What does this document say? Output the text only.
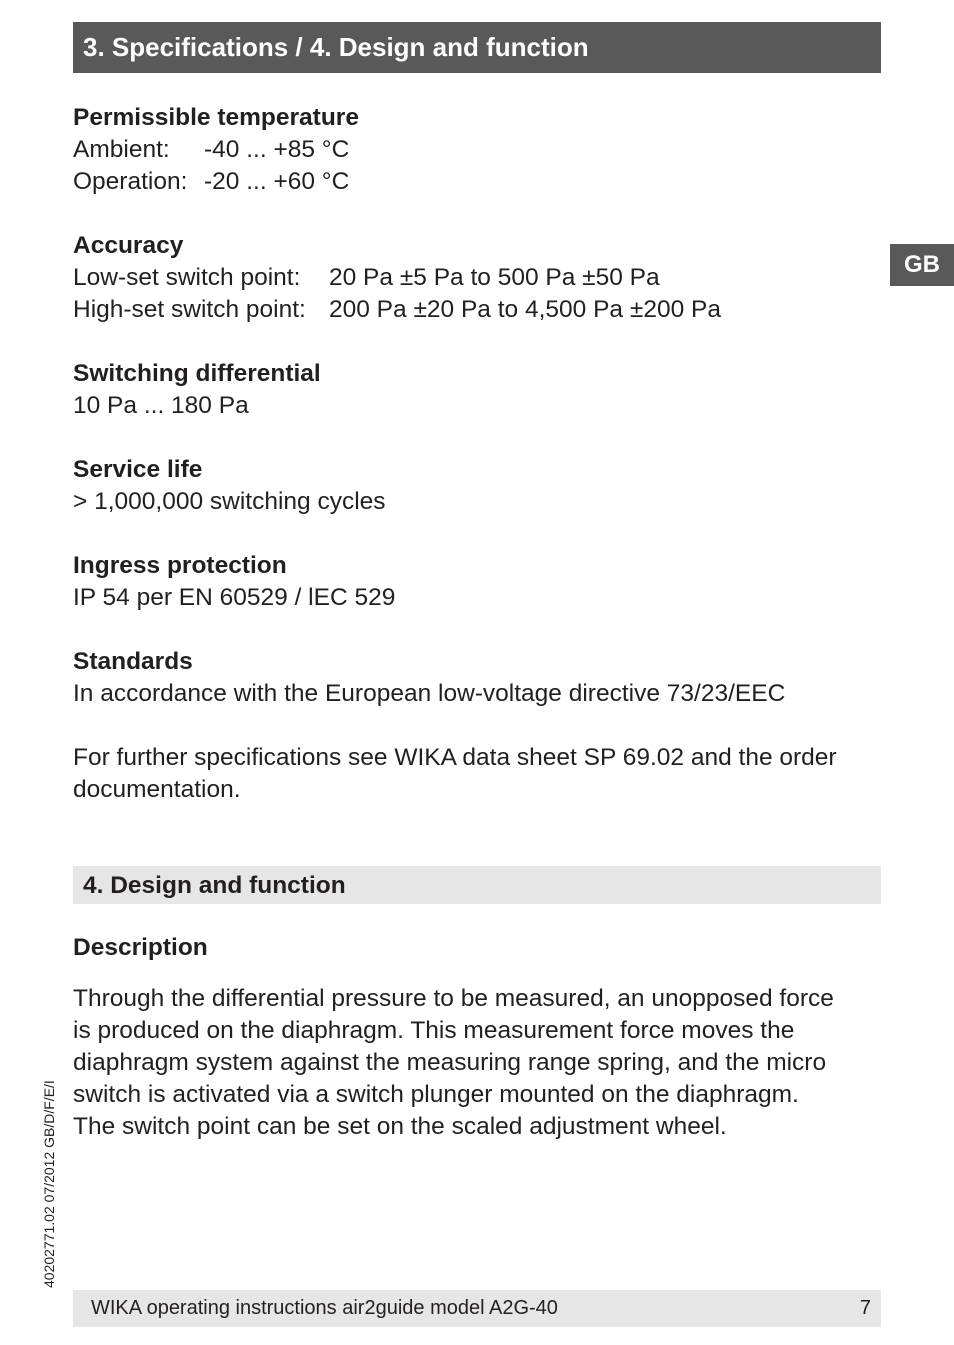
3. Specifications / 4. Design and function
GB

Permissible temperature

Ambient:	-40 ... +85 °C
Operation: -20 ... +60 °C

Accuracy

Low-set switch point:	20 Pa ±5 Pa to 500 Pa ±50 Pa
High-set switch point: 200 Pa ±20 Pa to 4,500 Pa ±200 Pa

Switching differential

10 Pa ... 180 Pa

Service life

> 1,000,000 switching cycles

Ingress protection

IP 54 per EN 60529 / lEC 529

Standards

In accordance with the European low-voltage directive 73/23/EEC

For further specifications see WIKA data sheet SP 69.02 and the order

documentation.

4. Design and function
Description

Through the differential pressure to be measured, an unopposed force

is produced on the diaphragm. This measurement force moves the

diaphragm system against the measuring range spring, and the micro

switch is activated via a switch plunger mounted on the diaphragm.

The switch point can be set on the scaled adjustment wheel.

40202771.02 07/2012 GB/D/F/E/I
WIKA operating instructions air2guide model A2G-40	7
